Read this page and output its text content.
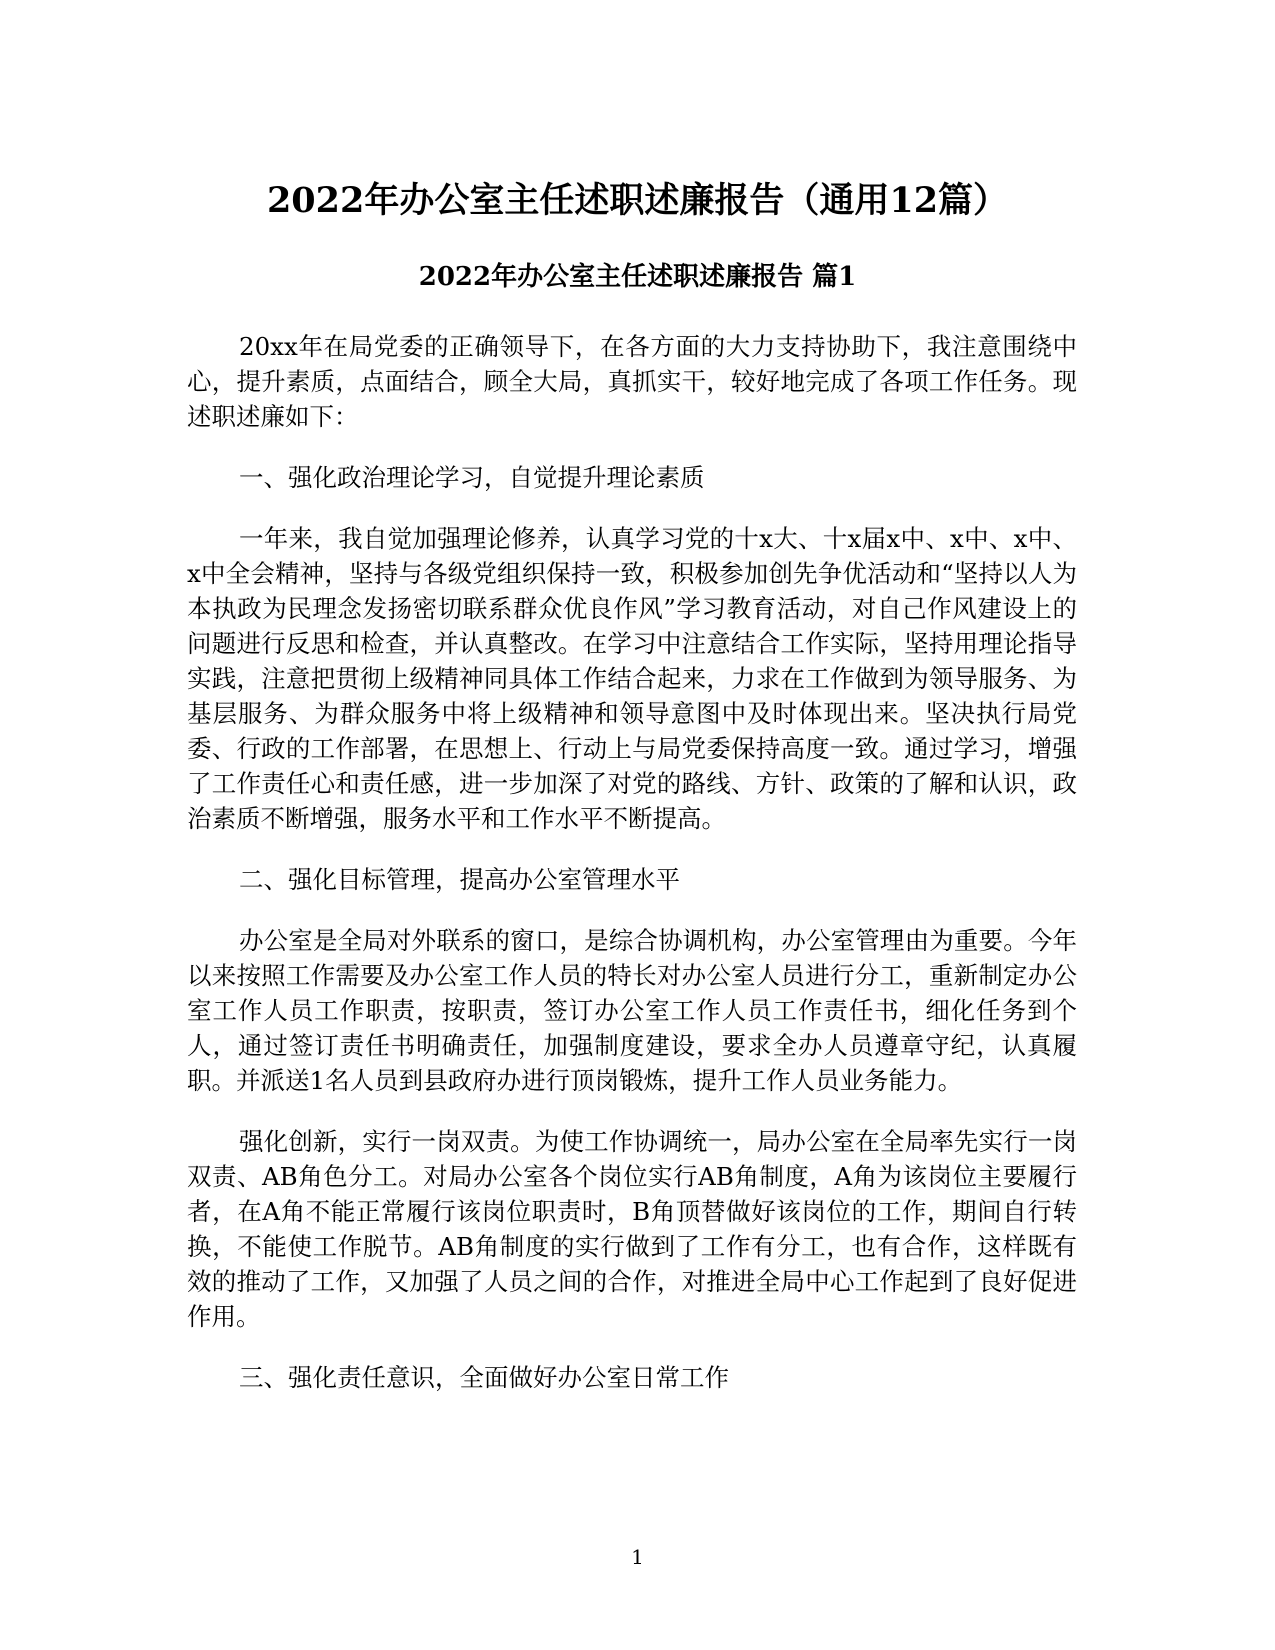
2022年办公室主任述职述廉报告（通用12篇）
2022年办公室主任述职述廉报告 篇1

20xx年在局党委的正确领导下，在各方面的大力支持协助下，我注意围绕中心，提升素质，点面结合，顾全大局，真抓实干，较好地完成了各项工作任务。现述职述廉如下：

一、强化政治理论学习，自觉提升理论素质

一年来，我自觉加强理论修养，认真学习党的十x大、十x届x中、x中、x中、x中全会精神，坚持与各级党组织保持一致，积极参加创先争优活动和“坚持以人为本执政为民理念发扬密切联系群众优良作风”学习教育活动，对自己作风建设上的问题进行反思和检查，并认真整改。在学习中注意结合工作实际，坚持用理论指导实践，注意把贯彻上级精神同具体工作结合起来，力求在工作做到为领导服务、为基层服务、为群众服务中将上级精神和领导意图中及时体现出来。坚决执行局党委、行政的工作部署，在思想上、行动上与局党委保持高度一致。通过学习，增强了工作责任心和责任感，进一步加深了对党的路线、方针、政策的了解和认识，政治素质不断增强，服务水平和工作水平不断提高。

二、强化目标管理，提高办公室管理水平

办公室是全局对外联系的窗口，是综合协调机构，办公室管理由为重要。今年以来按照工作需要及办公室工作人员的特长对办公室人员进行分工，重新制定办公室工作人员工作职责，按职责，签订办公室工作人员工作责任书，细化任务到个人，通过签订责任书明确责任，加强制度建设，要求全办人员遵章守纪，认真履职。并派送1名人员到县政府办进行顶岗锻炼，提升工作人员业务能力。

强化创新，实行一岗双责。为使工作协调统一，局办公室在全局率先实行一岗双责、AB角色分工。对局办公室各个岗位实行AB角制度，A角为该岗位主要履行者，在A角不能正常履行该岗位职责时，B角顶替做好该岗位的工作，期间自行转换，不能使工作脱节。AB角制度的实行做到了工作有分工，也有合作，这样既有效的推动了工作，又加强了人员之间的合作，对推进全局中心工作起到了良好促进作用。

三、强化责任意识，全面做好办公室日常工作

1
